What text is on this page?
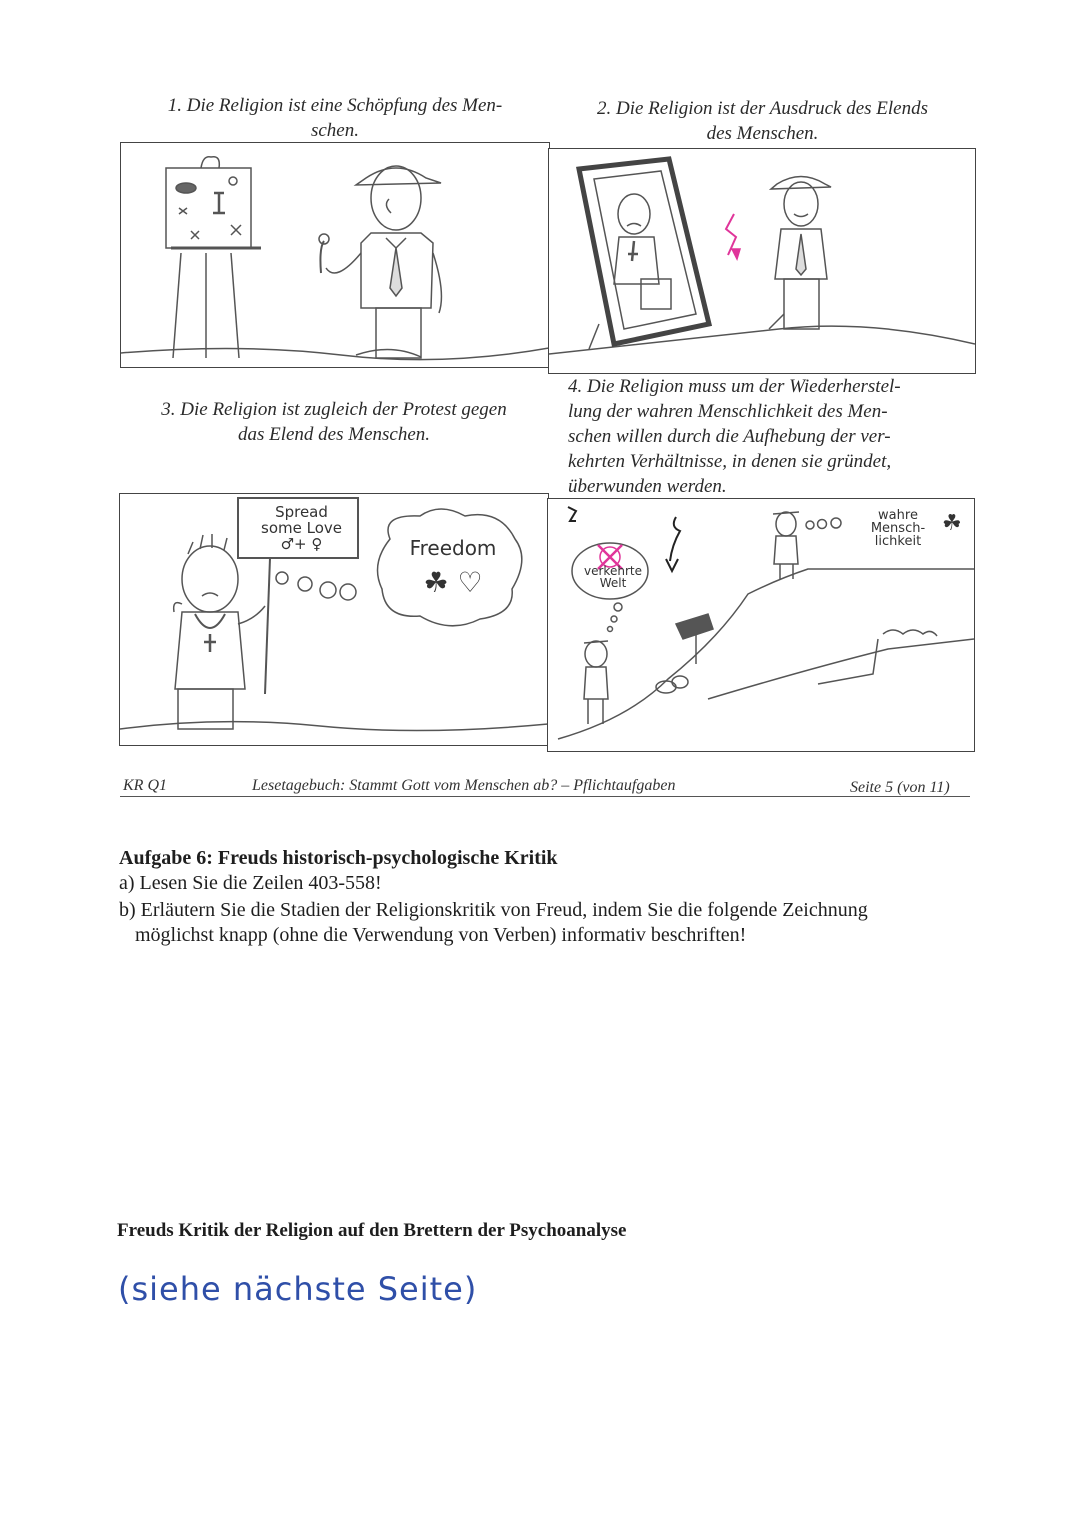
1. Die Religion ist eine Schöpfung des Men-
schen.
2. Die Religion ist der Ausdruck des Elends
des Menschen.
3. Die Religion ist zugleich der Protest gegen
das Elend des Menschen.
4. Die Religion muss um der Wiederherstel-
lung der wahren Menschlichkeit des Men-
schen willen durch die Aufhebung der ver-
kehrten Verhältnisse, in denen sie gründet,
überwunden werden.
Spread
some Love
♂+ ♀	Freedom
☘ ♡	verkehrte
Welt
wahre
Mensch-
lichkeit
☘
KR Q1	Lesetagebuch: Stammt Gott vom Menschen ab? – Pflichtaufgaben	Seite 5 (von 11)
Aufgabe 6: Freuds historisch-psychologische Kritik
a) Lesen Sie die Zeilen 403-558!
b) Erläutern Sie die Stadien der Religionskritik von Freud, indem Sie die folgende Zeichnung
möglichst knapp (ohne die Verwendung von Verben) informativ beschriften!
Freuds Kritik der Religion auf den Brettern der Psychoanalyse
(siehe nächste Seite)
